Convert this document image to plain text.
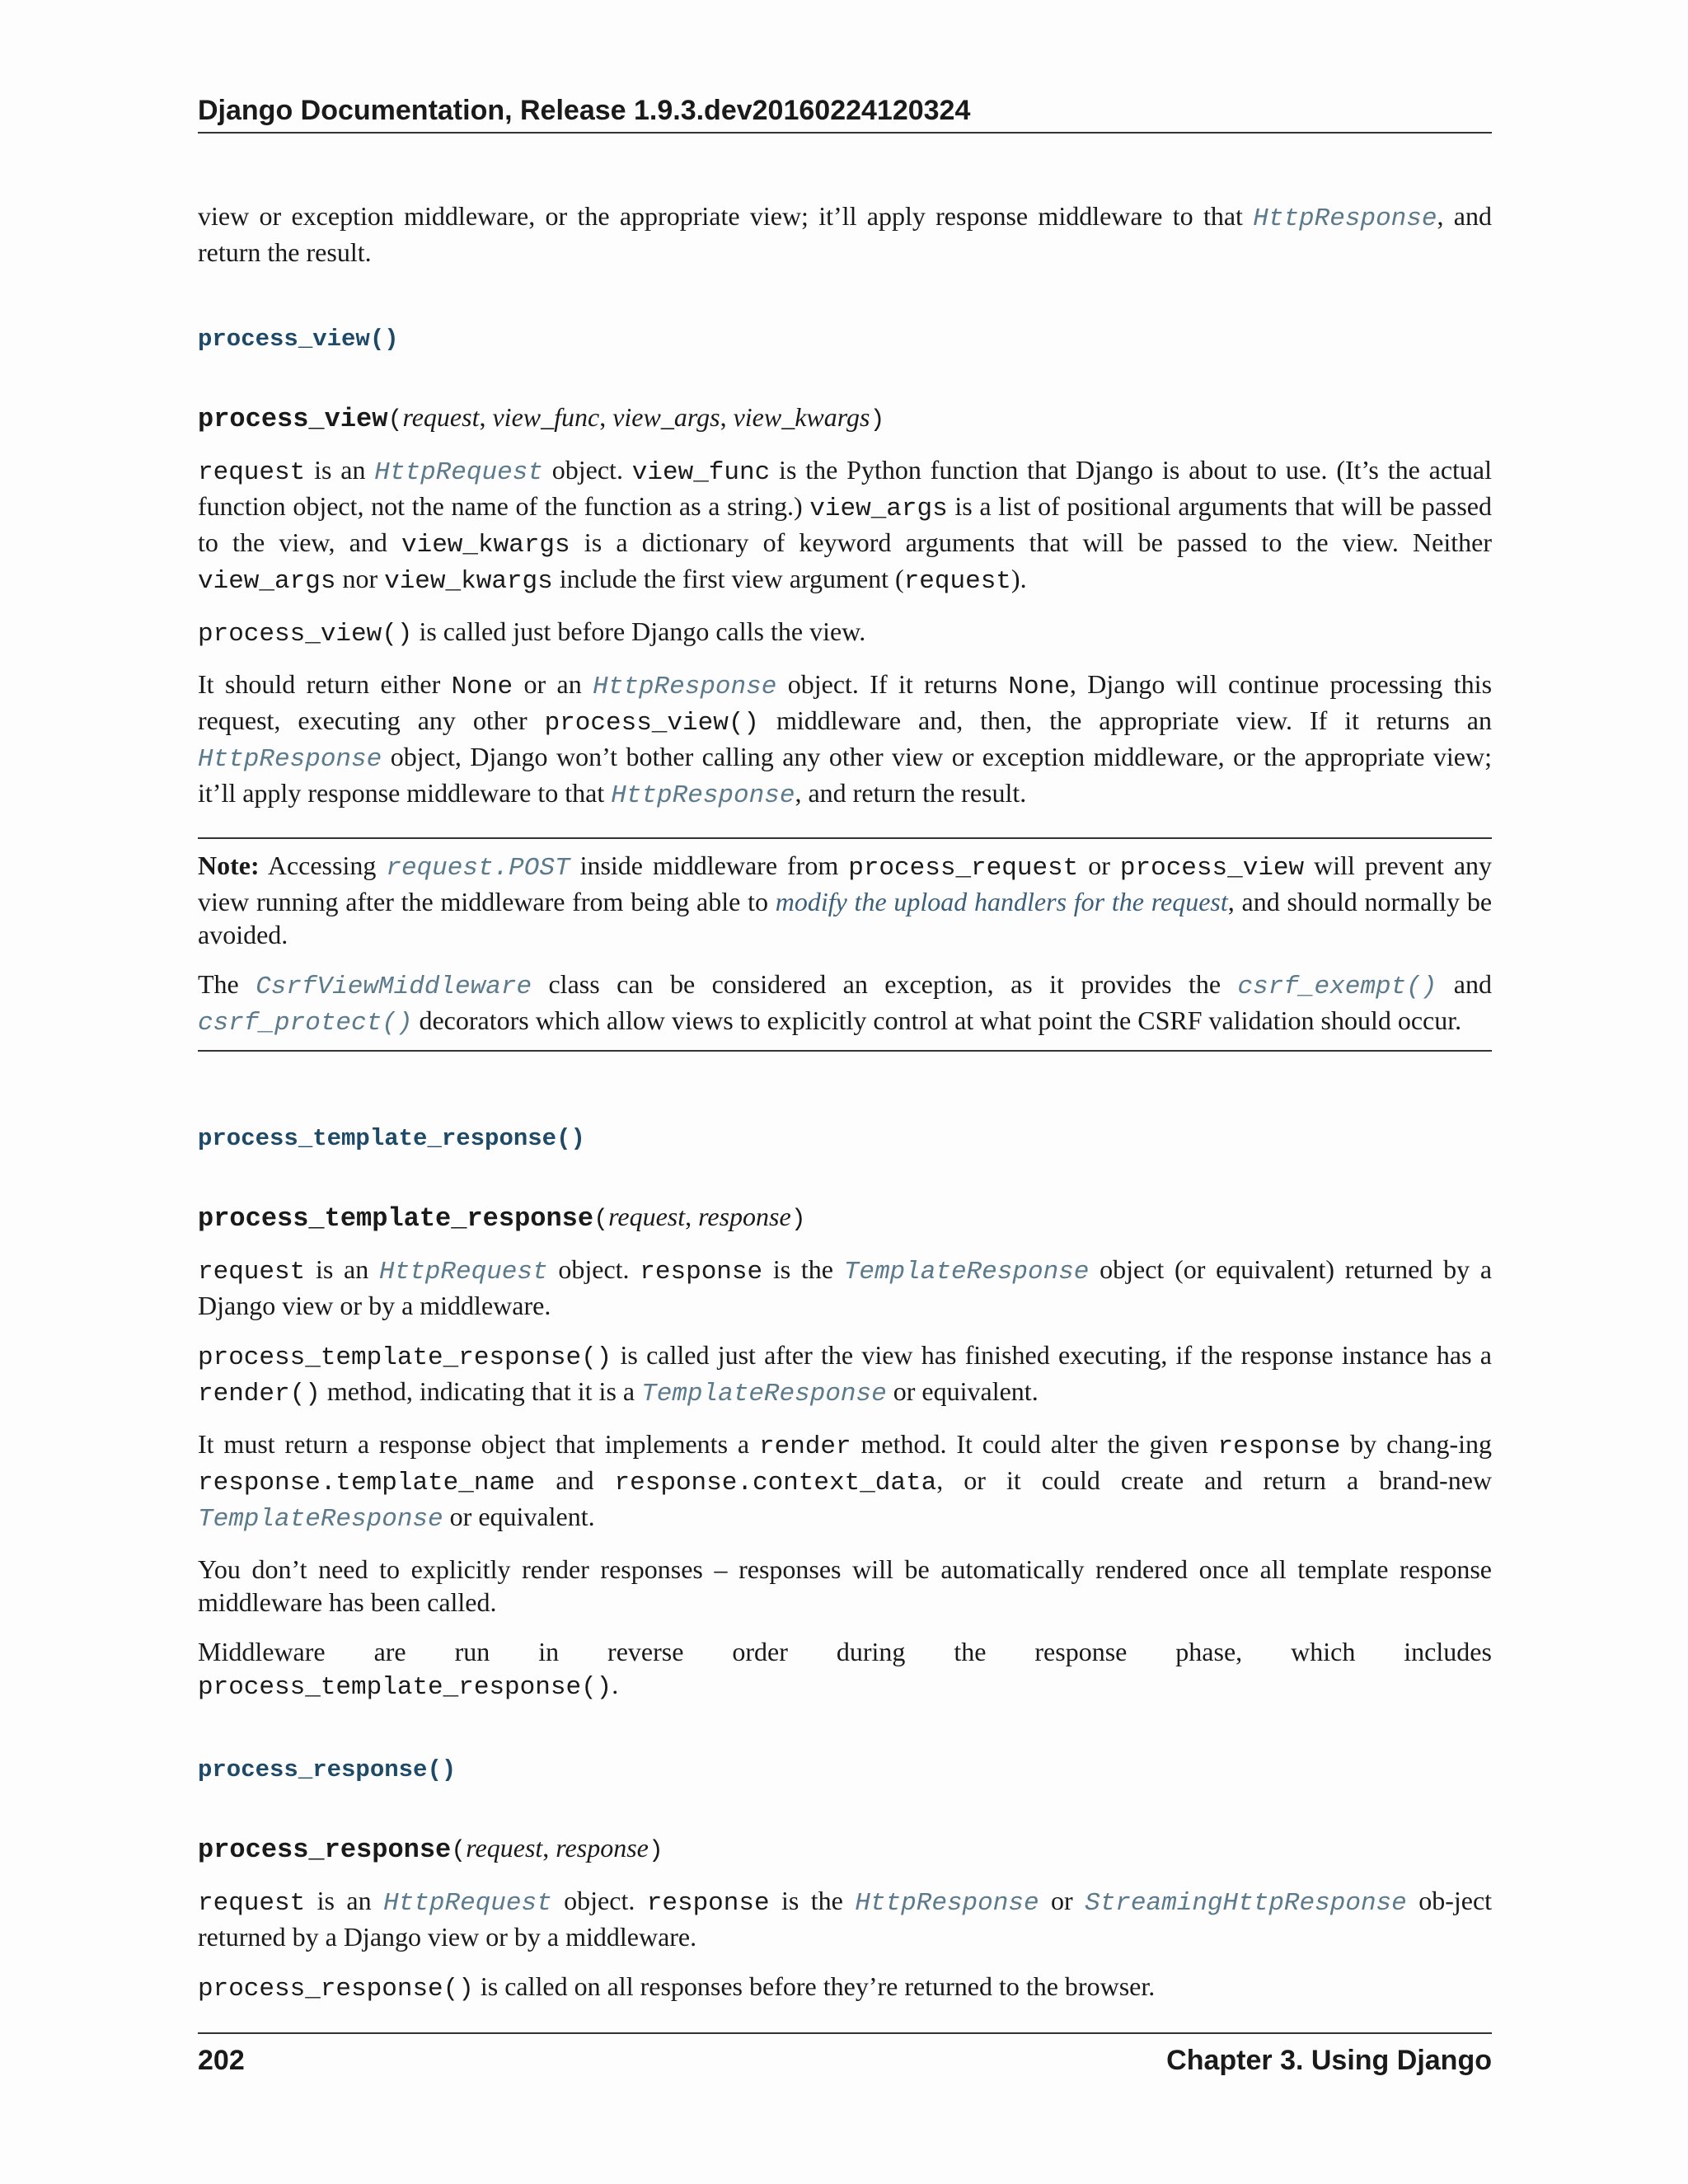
Django Documentation, Release 1.9.3.dev20160224120324

view or exception middleware, or the appropriate view; it’ll apply response middleware to that HttpResponse, and return the result.

process_view()
process_view(request, view_func, view_args, view_kwargs)

request is an HttpRequest object. view_func is the Python function that Django is about to use. (It’s the actual function object, not the name of the function as a string.) view_args is a list of positional arguments that will be passed to the view, and view_kwargs is a dictionary of keyword arguments that will be passed to the view. Neither view_args nor view_kwargs include the first view argument (request).

process_view() is called just before Django calls the view.

It should return either None or an HttpResponse object. If it returns None, Django will continue processing this request, executing any other process_view() middleware and, then, the appropriate view. If it returns an HttpResponse object, Django won’t bother calling any other view or exception middleware, or the appropriate view; it’ll apply response middleware to that HttpResponse, and return the result.

Note: Accessing request.POST inside middleware from process_request or process_view will prevent any view running after the middleware from being able to modify the upload handlers for the request, and should normally be avoided.

The CsrfViewMiddleware class can be considered an exception, as it provides the csrf_exempt() and csrf_protect() decorators which allow views to explicitly control at what point the CSRF validation should occur.

process_template_response()
process_template_response(request, response)

request is an HttpRequest object. response is the TemplateResponse object (or equivalent) returned by a Django view or by a middleware.

process_template_response() is called just after the view has finished executing, if the response instance has a render() method, indicating that it is a TemplateResponse or equivalent.

It must return a response object that implements a render method. It could alter the given response by chang-ing response.template_name and response.context_data, or it could create and return a brand-new TemplateResponse or equivalent.

You don’t need to explicitly render responses – responses will be automatically rendered once all template response middleware has been called.

Middleware are run in reverse order during the response phase, which includes
process_template_response().
process_response()
process_response(request, response)

request is an HttpRequest object. response is the HttpResponse or StreamingHttpResponse ob-ject returned by a Django view or by a middleware.

process_response() is called on all responses before they’re returned to the browser.

202	Chapter 3. Using Django
